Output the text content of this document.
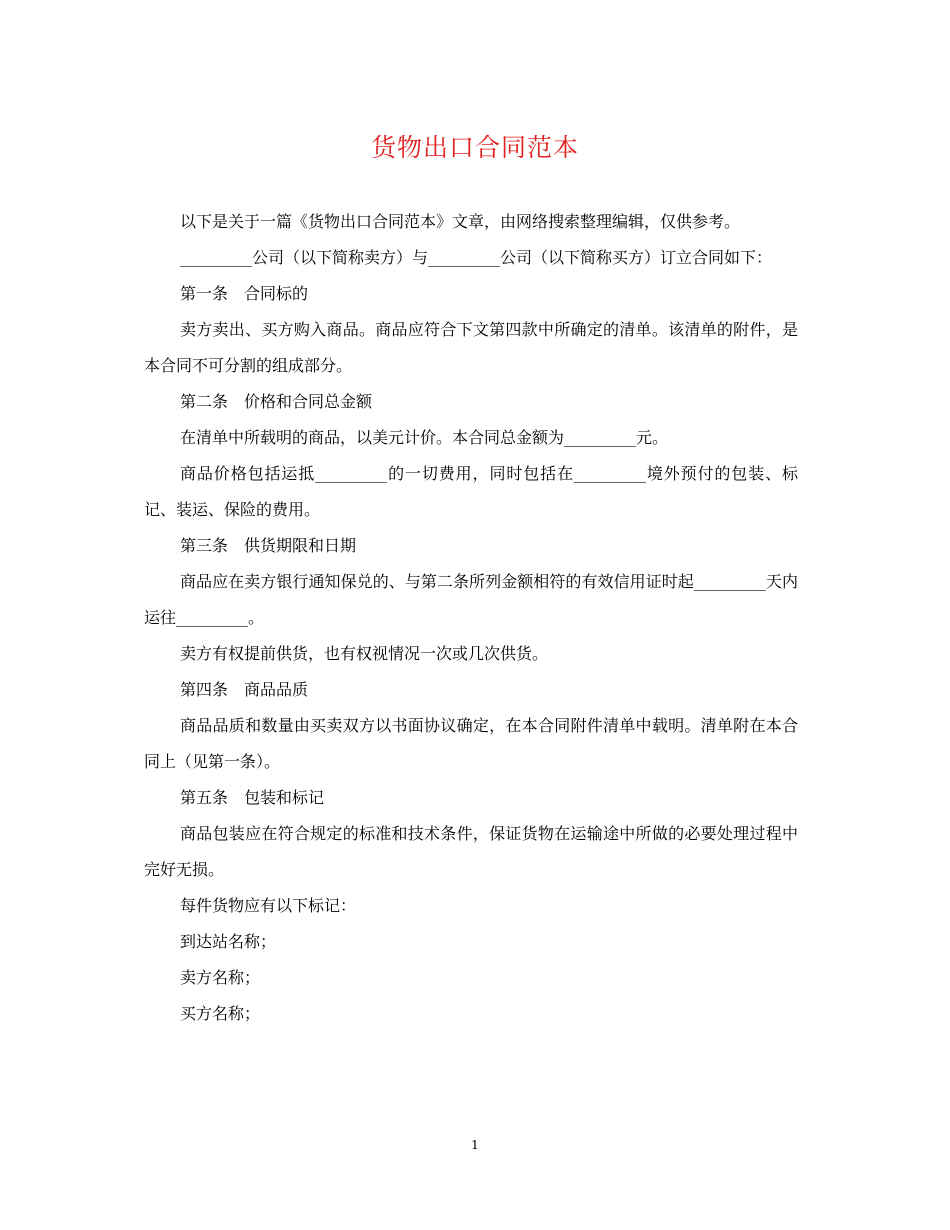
货物出口合同范本

以下是关于一篇《货物出口合同范本》文章，由网络搜索整理编辑，仅供参考。

_________公司（以下简称卖方）与_________公司（以下简称买方）订立合同如下：

第一条　合同标的

卖方卖出、买方购入商品。商品应符合下文第四款中所确定的清单。该清单的附件，是本合同不可分割的组成部分。

第二条　价格和合同总金额

在清单中所载明的商品，以美元计价。本合同总金额为_________元。

商品价格包括运抵_________的一切费用，同时包括在_________境外预付的包装、标记、装运、保险的费用。

第三条　供货期限和日期

商品应在卖方银行通知保兑的、与第二条所列金额相符的有效信用证时起_________天内运往_________。

卖方有权提前供货，也有权视情况一次或几次供货。

第四条　商品品质

商品品质和数量由买卖双方以书面协议确定，在本合同附件清单中载明。清单附在本合同上（见第一条）。

第五条　包装和标记

商品包装应在符合规定的标准和技术条件，保证货物在运输途中所做的必要处理过程中完好无损。

每件货物应有以下标记：

到达站名称；

卖方名称；

买方名称；

1
